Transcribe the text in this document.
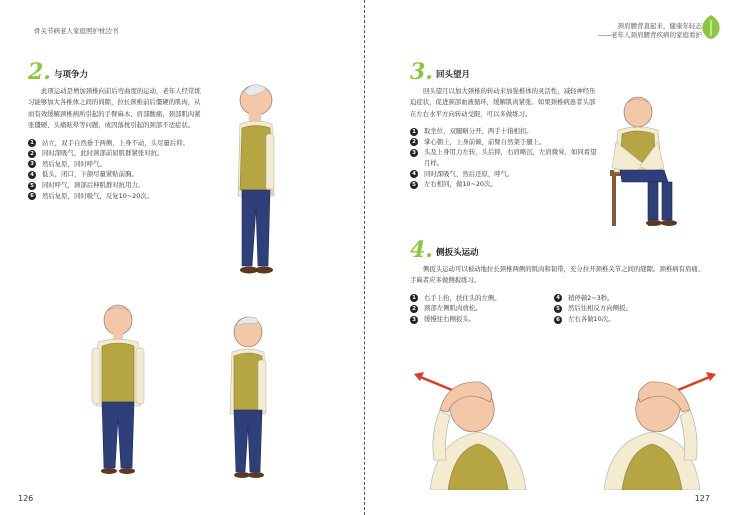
骨关节病老人家庭照护枕边书
2. 与项争力

此项运动是增加颈椎向前后弯曲度的运动，老年人经常练习能够加大各椎体之间的间隙，拉长颈椎前后僵硬的肌肉，从而有效缓解颈椎病所引起的手臂麻木、肩部酸痛、颈部肌肉紧张僵硬、头痛眩晕等问题，或因落枕引起的颈部不适症状。

1	站立，双手自然垂于两侧，上身不动，头尽量后仰。
2	同时深吸气，此时颈部前屈肌群紧张对抗。
3	然后复原，同时呼气。
4	低头，闭口，下颌尽量紧贴前胸。
5	同时呼气，颈部后伸肌群对抗用力。
6	然后复原，同时吸气，反复10~20次。
126
颈肩腰背直起来，健康年轻态
——老年人颈肩腰背疾病的家庭看护
3. 回头望月

回头望月以加大颈椎的转动来加强椎体的灵活性，减轻神经压迫症状，促进颈部血液循环，缓解肌肉紧张。如果颈椎病患者头部在左右水平方向转动受限，可以多做练习。

1	取坐位，双腿略分开，两手十指相扣。
2	掌心朝上，上身前倾，前臂自然架于腿上。
3	头及上身用力左转，头后抑，右肩略沉，左肩微耸，如同看望月样。
4	同时深吸气，然后还原，呼气。
5	左右相同，做10~20次。
4. 侧扳头运动

侧扳头运动可以被动地拉长颈椎两侧的肌肉和韧带，充分拉开颈椎关节之间的缝隙。颈椎病有肩痛、手麻者应多做侧扳练习。

1	右手上抬，扶住头的左侧。	4	稍停顿2~3秒。
2	颈部左侧肌肉放松。	5	然后往相反方向侧扳。
3	缓慢往右侧扳头。	6	左右各做10次。
127
